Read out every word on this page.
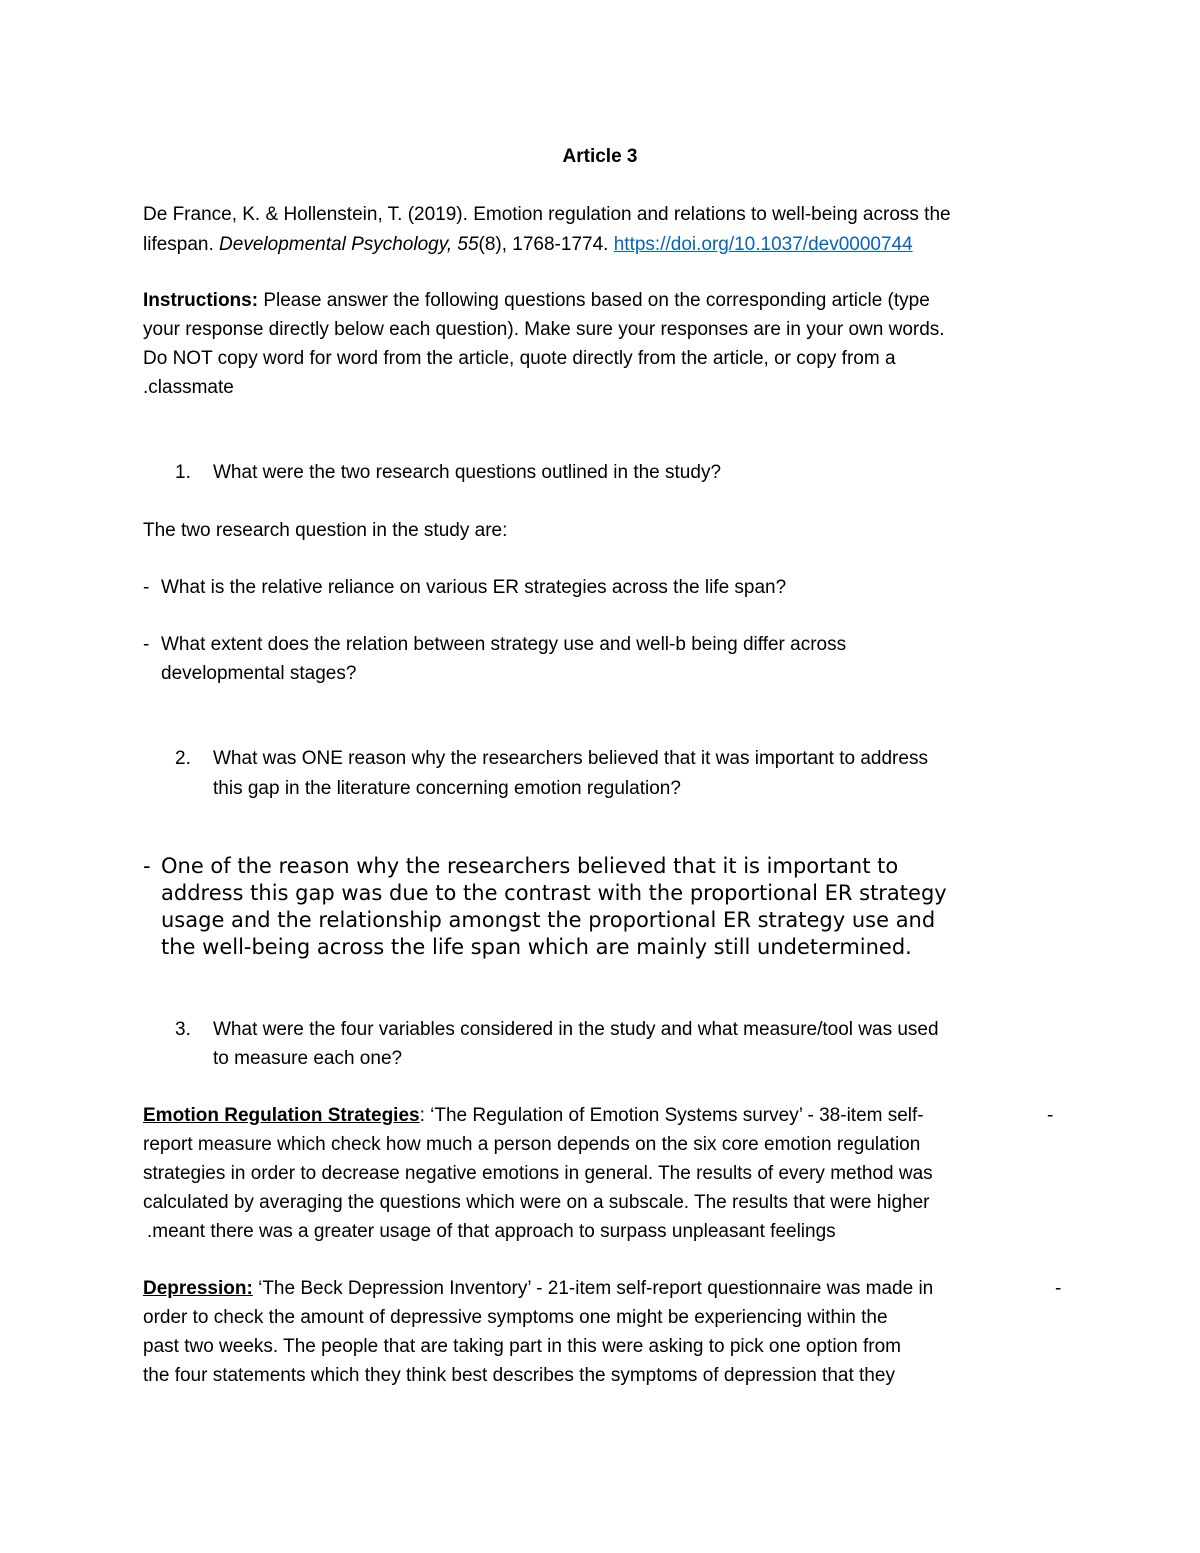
Article 3
De France, K. & Hollenstein, T. (2019). Emotion regulation and relations to well-being across the
lifespan. Developmental Psychology, 55(8), 1768-1774. https://doi.org/10.1037/dev0000744
Instructions: Please answer the following questions based on the corresponding article (type
your response directly below each question). Make sure your responses are in your own words.
Do NOT copy word for word from the article, quote directly from the article, or copy from a
.classmate
1. What were the two research questions outlined in the study?
The two research question in the study are:
- What is the relative reliance on various ER strategies across the life span?
- What extent does the relation between strategy use and well-b being differ across
developmental stages?
2. What was ONE reason why the researchers believed that it was important to address
this gap in the literature concerning emotion regulation?
- One of the reason why the researchers believed that it is important to
address this gap was due to the contrast with the proportional ER strategy
usage and the relationship amongst the proportional ER strategy use and
the well-being across the life span which are mainly still undetermined.
3. What were the four variables considered in the study and what measure/tool was used
to measure each one?
Emotion Regulation Strategies: ‘The Regulation of Emotion Systems survey’ - 38-item self-	-
report measure which check how much a person depends on the six core emotion regulation
strategies in order to decrease negative emotions in general. The results of every method was
calculated by averaging the questions which were on a subscale. The results that were higher
.meant there was a greater usage of that approach to surpass unpleasant feelings
Depression: ‘The Beck Depression Inventory’ - 21-item self-report questionnaire was made in	-
order to check the amount of depressive symptoms one might be experiencing within the
past two weeks. The people that are taking part in this were asking to pick one option from
the four statements which they think best describes the symptoms of depression that they
